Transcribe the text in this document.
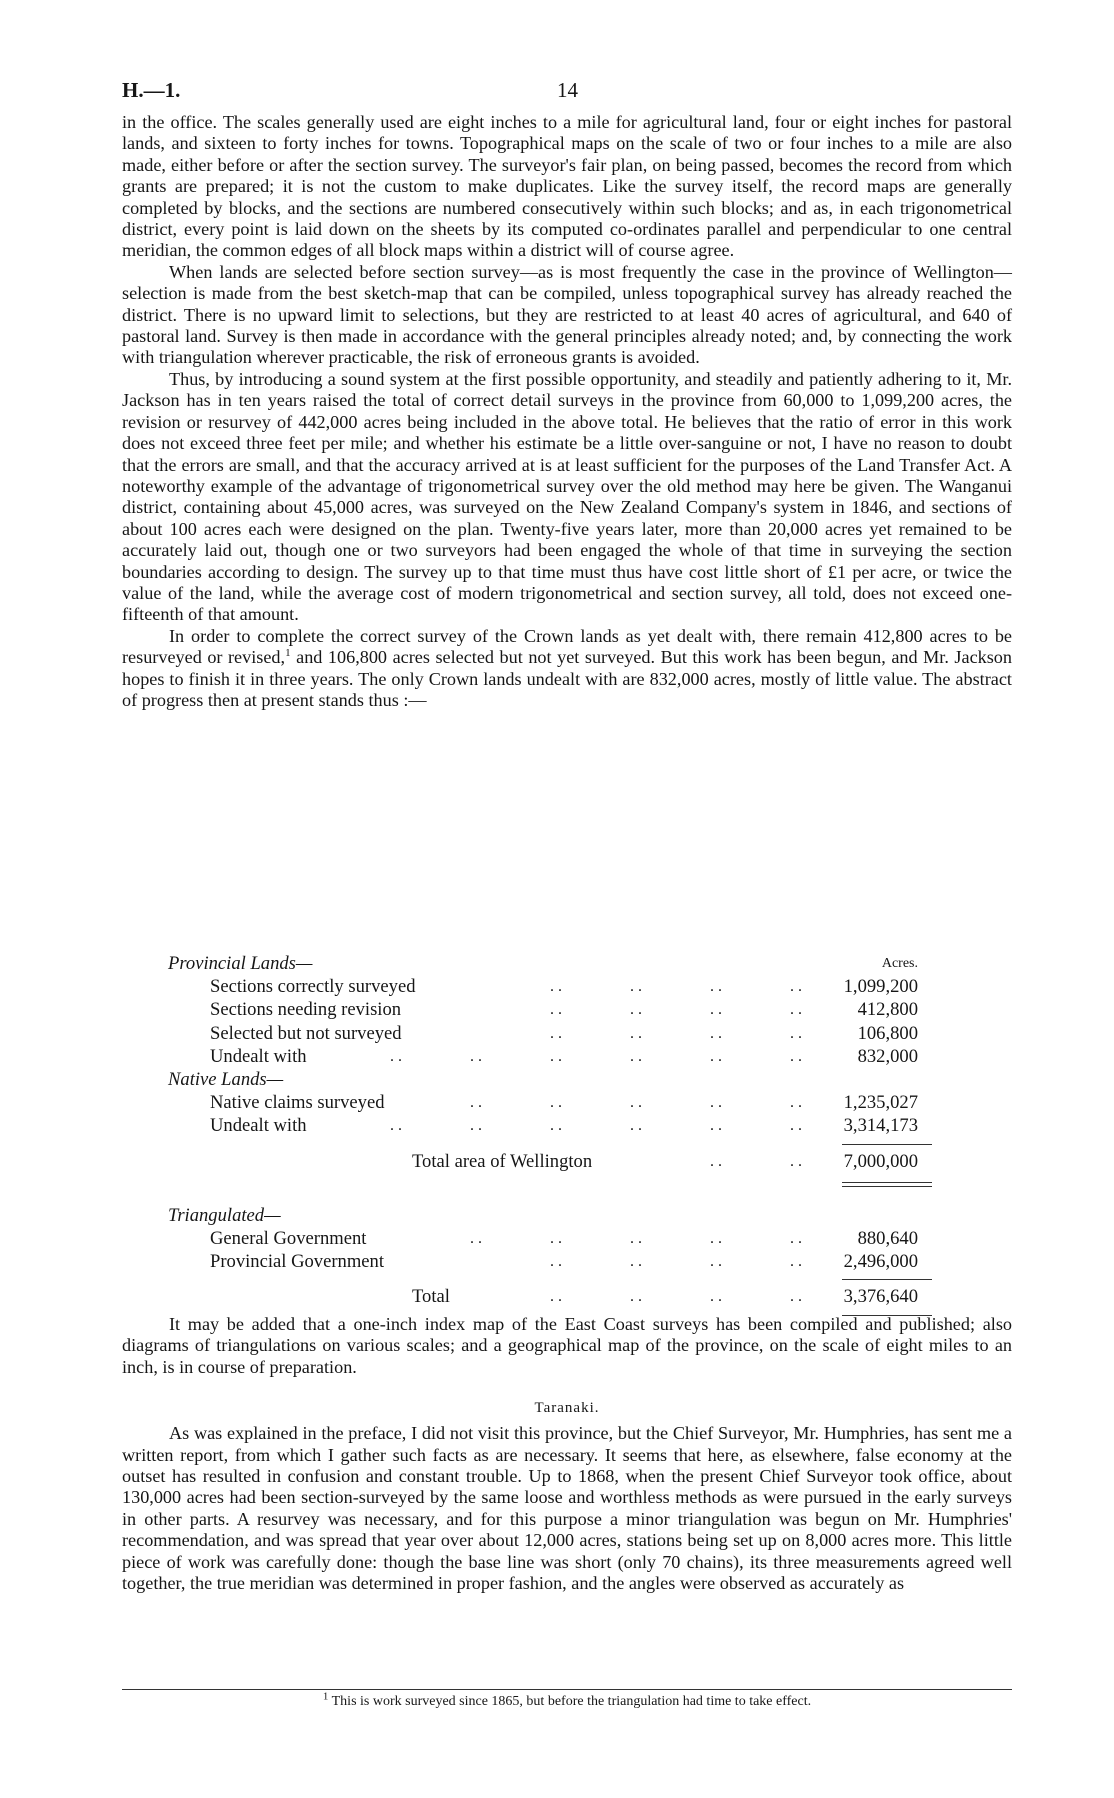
H.—1.	14

in the office. The scales generally used are eight inches to a mile for agricultural land, four or eight inches for pastoral lands, and sixteen to forty inches for towns. Topographical maps on the scale of two or four inches to a mile are also made, either before or after the section survey. The surveyor's fair plan, on being passed, becomes the record from which grants are prepared; it is not the custom to make duplicates. Like the survey itself, the record maps are generally completed by blocks, and the sections are numbered consecutively within such blocks; and as, in each trigonometrical district, every point is laid down on the sheets by its computed co-ordinates parallel and perpendicular to one central meridian, the common edges of all block maps within a district will of course agree.

When lands are selected before section survey—as is most frequently the case in the province of Wellington—selection is made from the best sketch-map that can be compiled, unless topographical survey has already reached the district. There is no upward limit to selections, but they are restricted to at least 40 acres of agricultural, and 640 of pastoral land. Survey is then made in accordance with the general principles already noted; and, by connecting the work with triangulation wherever practicable, the risk of erroneous grants is avoided.

Thus, by introducing a sound system at the first possible opportunity, and steadily and patiently adhering to it, Mr. Jackson has in ten years raised the total of correct detail surveys in the province from 60,000 to 1,099,200 acres, the revision or resurvey of 442,000 acres being included in the above total. He believes that the ratio of error in this work does not exceed three feet per mile; and whether his estimate be a little over-sanguine or not, I have no reason to doubt that the errors are small, and that the accuracy arrived at is at least sufficient for the purposes of the Land Transfer Act. A noteworthy example of the advantage of trigonometrical survey over the old method may here be given. The Wanganui district, containing about 45,000 acres, was surveyed on the New Zealand Company's system in 1846, and sections of about 100 acres each were designed on the plan. Twenty-five years later, more than 20,000 acres yet remained to be accurately laid out, though one or two surveyors had been engaged the whole of that time in surveying the section boundaries according to design. The survey up to that time must thus have cost little short of £1 per acre, or twice the value of the land, while the average cost of modern trigonometrical and section survey, all told, does not exceed one-fifteenth of that amount.

In order to complete the correct survey of the Crown lands as yet dealt with, there remain 412,800 acres to be resurveyed or revised,$^1$ and 106,800 acres selected but not yet surveyed. But this work has been begun, and Mr. Jackson hopes to finish it in three years. The only Crown lands undealt with are 832,000 acres, mostly of little value. The abstract of progress then at present stands thus :—

Provincial Lands—	Acres.
Sections correctly surveyed	. .	. .	. .	. . 1,099,200
Sections needing revision	. .	. .	. .	. .	412,800
Selected but not surveyed	. .	. .	. .	. .	106,800
Undealt with	. .	. .	. .	. .	. .	. .	832,000
Native Lands—
Native claims surveyed	. .	. .	. .	. .	. . 1,235,027
Undealt with	. .	. .	. .	. .	. .	. . 3,314,173
Total area of Wellington	. .	. . 7,000,000
Triangulated—
General Government	. .	. .	. .	. .	. .	880,640
Provincial Government	. .	. .	. .	. . 2,496,000
Total	. .	. .	. .	. . 3,376,640

It may be added that a one-inch index map of the East Coast surveys has been compiled and published; also diagrams of triangulations on various scales; and a geographical map of the province, on the scale of eight miles to an inch, is in course of preparation.

Taranaki.

As was explained in the preface, I did not visit this province, but the Chief Surveyor, Mr. Humphries, has sent me a written report, from which I gather such facts as are necessary. It seems that here, as elsewhere, false economy at the outset has resulted in confusion and constant trouble. Up to 1868, when the present Chief Surveyor took office, about 130,000 acres had been section-surveyed by the same loose and worthless methods as were pursued in the early surveys in other parts. A resurvey was necessary, and for this purpose a minor triangulation was begun on Mr. Humphries' recommendation, and was spread that year over about 12,000 acres, stations being set up on 8,000 acres more. This little piece of work was carefully done: though the base line was short (only 70 chains), its three measurements agreed well together, the true meridian was determined in proper fashion, and the angles were observed as accurately as

$^1$ This is work surveyed since 1865, but before the triangulation had time to take effect.
